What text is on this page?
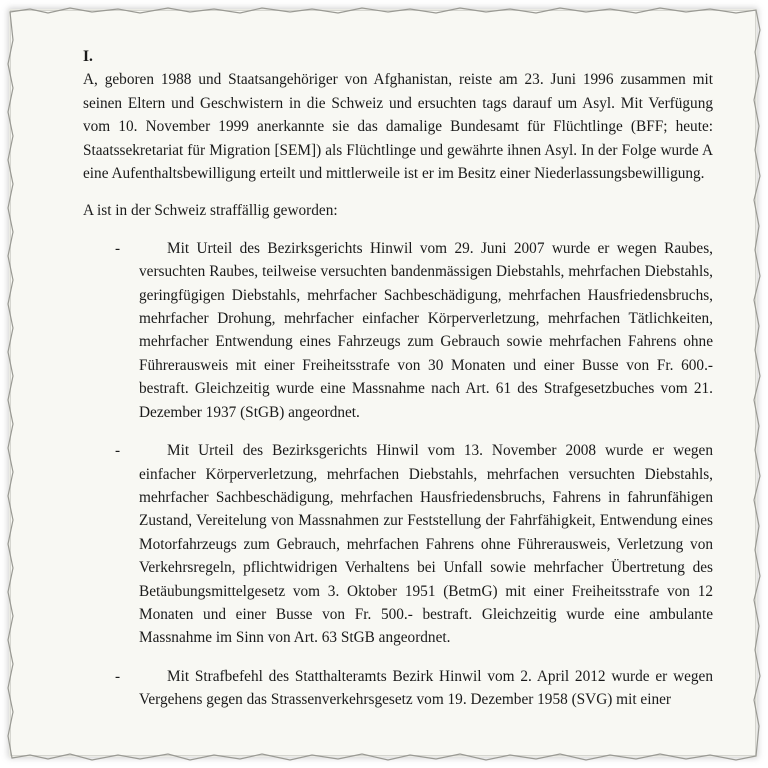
I.

A, geboren 1988 und Staatsangehöriger von Afghanistan, reiste am 23. Juni 1996 zusammen mit seinen Eltern und Geschwistern in die Schweiz und ersuchten tags darauf um Asyl. Mit Verfügung vom 10. November 1999 anerkannte sie das damalige Bundesamt für Flüchtlinge (BFF; heute: Staatssekretariat für Migration [SEM]) als Flüchtlinge und gewährte ihnen Asyl. In der Folge wurde A eine Aufenthaltsbewilligung erteilt und mittlerweile ist er im Besitz einer Niederlassungsbewilligung.

A ist in der Schweiz straffällig geworden:

-	Mit Urteil des Bezirksgerichts Hinwil vom 29. Juni 2007 wurde er wegen Raubes, versuchten Raubes, teilweise versuchten bandenmässigen Diebstahls, mehrfachen Diebstahls, geringfügigen Diebstahls, mehrfacher Sachbeschädigung, mehrfachen Hausfriedensbruchs, mehrfacher Drohung, mehrfacher einfacher Körperverletzung, mehrfachen Tätlichkeiten, mehrfacher Entwendung eines Fahrzeugs zum Gebrauch sowie mehrfachen Fahrens ohne Führerausweis mit einer Freiheitsstrafe von 30 Monaten und einer Busse von Fr. 600.- bestraft. Gleichzeitig wurde eine Massnahme nach Art. 61 des Strafgesetzbuches vom 21. Dezember 1937 (StGB) angeordnet.

-	Mit Urteil des Bezirksgerichts Hinwil vom 13. November 2008 wurde er wegen einfacher Körperverletzung, mehrfachen Diebstahls, mehrfachen versuchten Diebstahls, mehrfacher Sachbeschädigung, mehrfachen Hausfriedensbruchs, Fahrens in fahrunfähigen Zustand, Vereitelung von Massnahmen zur Feststellung der Fahrfähigkeit, Entwendung eines Motorfahrzeugs zum Gebrauch, mehrfachen Fahrens ohne Führerausweis, Verletzung von Verkehrsregeln, pflichtwidrigen Verhaltens bei Unfall sowie mehrfacher Übertretung des Betäubungsmittelgesetz vom 3. Oktober 1951 (BetmG) mit einer Freiheitsstrafe von 12 Monaten und einer Busse von Fr. 500.- bestraft. Gleichzeitig wurde eine ambulante Massnahme im Sinn von Art. 63 StGB angeordnet.

-	Mit Strafbefehl des Statthalteramts Bezirk Hinwil vom 2. April 2012 wurde er wegen Vergehens gegen das Strassenverkehrsgesetz vom 19. Dezember 1958 (SVG) mit einer
